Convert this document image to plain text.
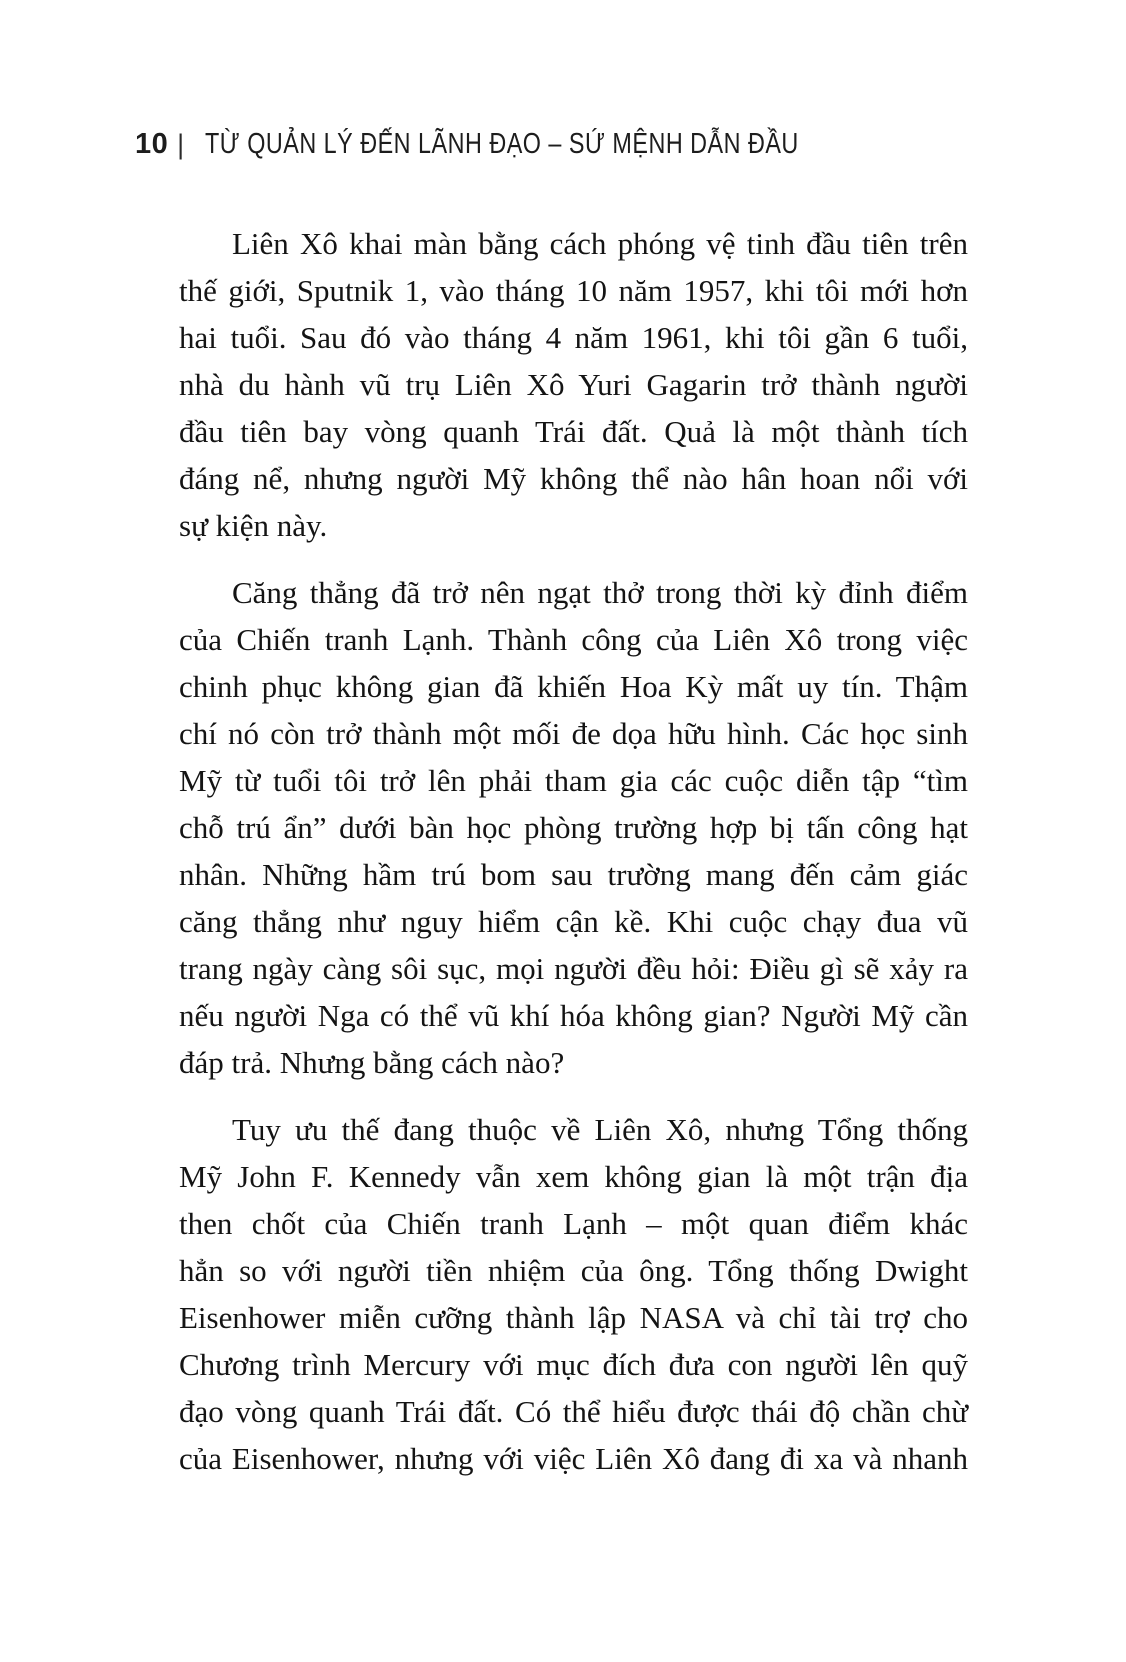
10 | TỪ QUẢN LÝ ĐẾN LÃNH ĐẠO – SỨ MỆNH DẪN ĐẦU
Liên Xô khai màn bằng cách phóng vệ tinh đầu tiên trên
thế giới, Sputnik 1, vào tháng 10 năm 1957, khi tôi mới hơn
hai tuổi. Sau đó vào tháng 4 năm 1961, khi tôi gần 6 tuổi,
nhà du hành vũ trụ Liên Xô Yuri Gagarin trở thành người
đầu tiên bay vòng quanh Trái đất. Quả là một thành tích
đáng nể, nhưng người Mỹ không thể nào hân hoan nổi với
sự kiện này.
Căng thẳng đã trở nên ngạt thở trong thời kỳ đỉnh điểm
của Chiến tranh Lạnh. Thành công của Liên Xô trong việc
chinh phục không gian đã khiến Hoa Kỳ mất uy tín. Thậm
chí nó còn trở thành một mối đe dọa hữu hình. Các học sinh
Mỹ từ tuổi tôi trở lên phải tham gia các cuộc diễn tập “tìm
chỗ trú ẩn” dưới bàn học phòng trường hợp bị tấn công hạt
nhân. Những hầm trú bom sau trường mang đến cảm giác
căng thẳng như nguy hiểm cận kề. Khi cuộc chạy đua vũ
trang ngày càng sôi sục, mọi người đều hỏi: Điều gì sẽ xảy ra
nếu người Nga có thể vũ khí hóa không gian? Người Mỹ cần
đáp trả. Nhưng bằng cách nào?
Tuy ưu thế đang thuộc về Liên Xô, nhưng Tổng thống
Mỹ John F. Kennedy vẫn xem không gian là một trận địa
then chốt của Chiến tranh Lạnh – một quan điểm khác
hẳn so với người tiền nhiệm của ông. Tổng thống Dwight
Eisenhower miễn cưỡng thành lập NASA và chỉ tài trợ cho
Chương trình Mercury với mục đích đưa con người lên quỹ
đạo vòng quanh Trái đất. Có thể hiểu được thái độ chần chừ
của Eisenhower, nhưng với việc Liên Xô đang đi xa và nhanh
